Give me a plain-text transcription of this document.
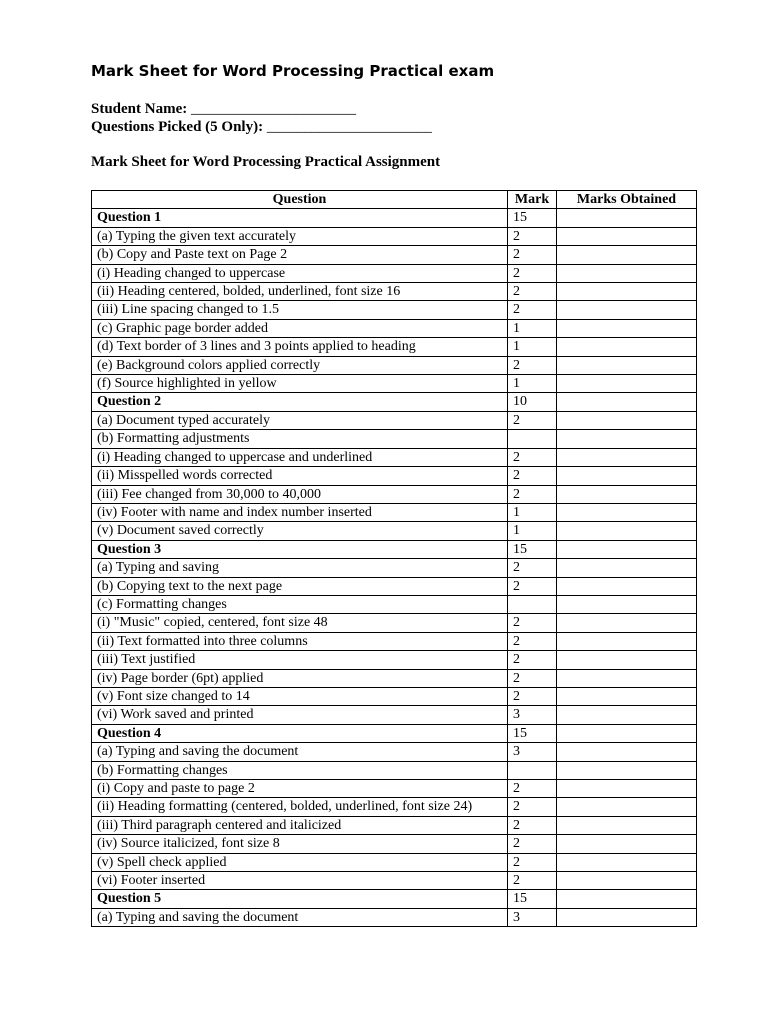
Mark Sheet for Word Processing Practical exam
Student Name: ______________________
Questions Picked (5 Only): ______________________
Mark Sheet for Word Processing Practical Assignment
Question	Mark	Marks Obtained
Question 1	15	
(a) Typing the given text accurately	2	
(b) Copy and Paste text on Page 2	2	
(i) Heading changed to uppercase	2	
(ii) Heading centered, bolded, underlined, font size 16	2	
(iii) Line spacing changed to 1.5	2	
(c) Graphic page border added	1	
(d) Text border of 3 lines and 3 points applied to heading	1	
(e) Background colors applied correctly	2	
(f) Source highlighted in yellow	1	
Question 2	10	
(a) Document typed accurately	2	
(b) Formatting adjustments		
(i) Heading changed to uppercase and underlined	2	
(ii) Misspelled words corrected	2	
(iii) Fee changed from 30,000 to 40,000	2	
(iv) Footer with name and index number inserted	1	
(v) Document saved correctly	1	
Question 3	15	
(a) Typing and saving	2	
(b) Copying text to the next page	2	
(c) Formatting changes		
(i) "Music" copied, centered, font size 48	2	
(ii) Text formatted into three columns	2	
(iii) Text justified	2	
(iv) Page border (6pt) applied	2	
(v) Font size changed to 14	2	
(vi) Work saved and printed	3	
Question 4	15	
(a) Typing and saving the document	3	
(b) Formatting changes		
(i) Copy and paste to page 2	2	
(ii) Heading formatting (centered, bolded, underlined, font size 24)	2	
(iii) Third paragraph centered and italicized	2	
(iv) Source italicized, font size 8	2	
(v) Spell check applied	2	
(vi) Footer inserted	2	
Question 5	15	
(a) Typing and saving the document	3	
